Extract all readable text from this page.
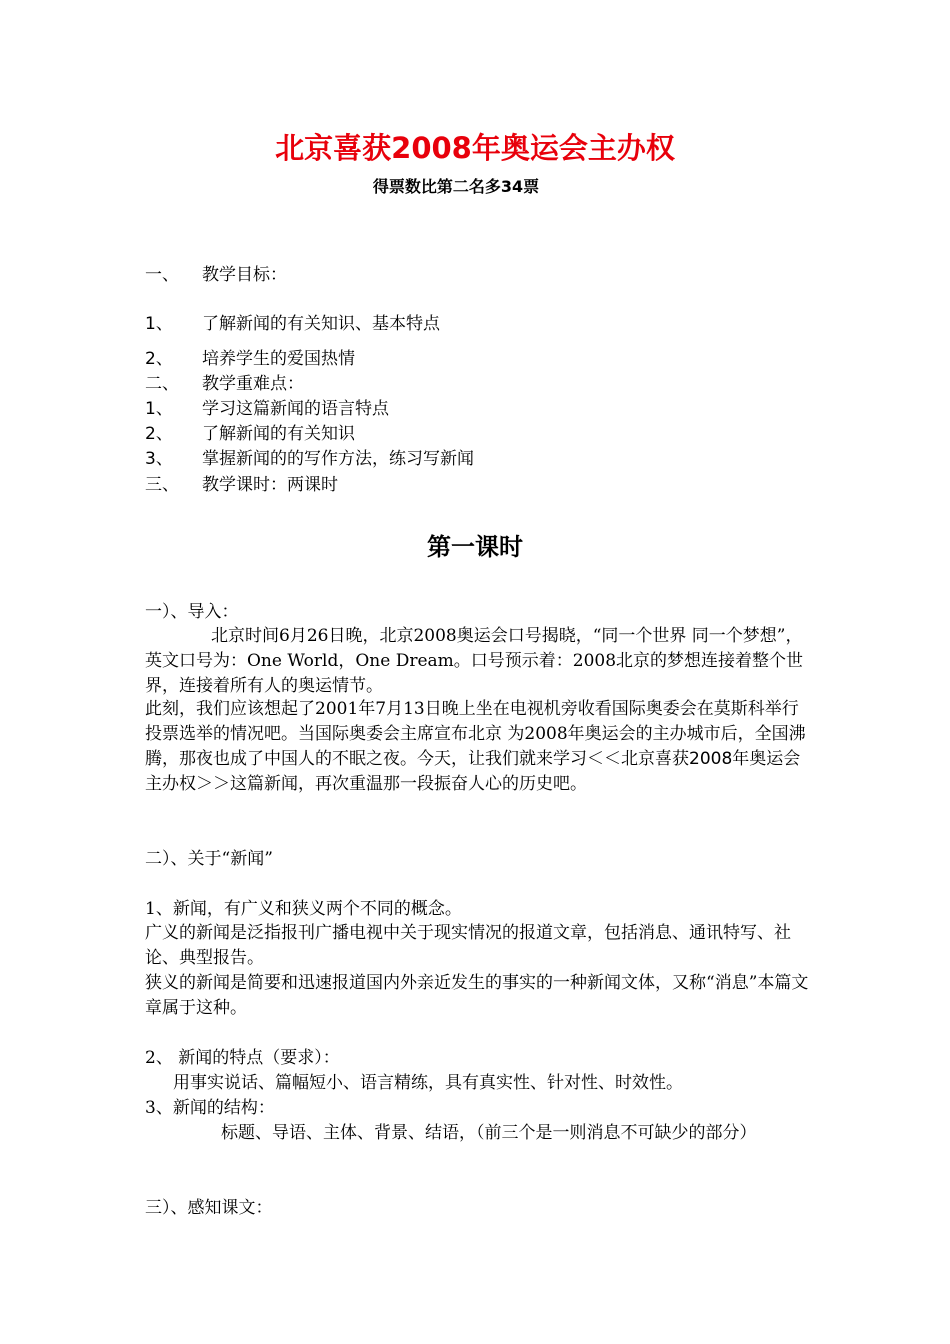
北京喜获2008年奥运会主办权
得票数比第二名多34票
一、 教学目标：
1、 了解新闻的有关知识、基本特点
2、 培养学生的爱国热情
二、 教学重难点：
1、 学习这篇新闻的语言特点
2、 了解新闻的有关知识
3、 掌握新闻的的写作方法，练习写新闻
三、 教学课时：两课时
第一课时
一）、导入：
北京时间6月26日晚，北京2008奥运会口号揭晓，“同一个世界 同一个梦想”，英文口号为：One World，One Dream。口号预示着：2008北京的梦想连接着整个世界，连接着所有人的奥运情节。
此刻，我们应该想起了2001年7月13日晚上坐在电视机旁收看国际奥委会在莫斯科举行投票选举的情况吧。当国际奥委会主席宣布北京 为2008年奥运会的主办城市后，全国沸腾，那夜也成了中国人的不眠之夜。今天，让我们就来学习＜＜北京喜获2008年奥运会主办权＞＞这篇新闻，再次重温那一段振奋人心的历史吧。
二）、关于“新闻”
1、新闻，有广义和狭义两个不同的概念。
广义的新闻是泛指报刊广播电视中关于现实情况的报道文章，包括消息、通讯特写、社论、典型报告。
狭义的新闻是简要和迅速报道国内外亲近发生的事实的一种新闻文体，又称“消息”本篇文章属于这种。
2、 新闻的特点（要求）：
用事实说话、篇幅短小、语言精练，具有真实性、针对性、时效性。
3、新闻的结构：
标题、导语、主体、背景、结语，（前三个是一则消息不可缺少的部分）
三）、感知课文：
